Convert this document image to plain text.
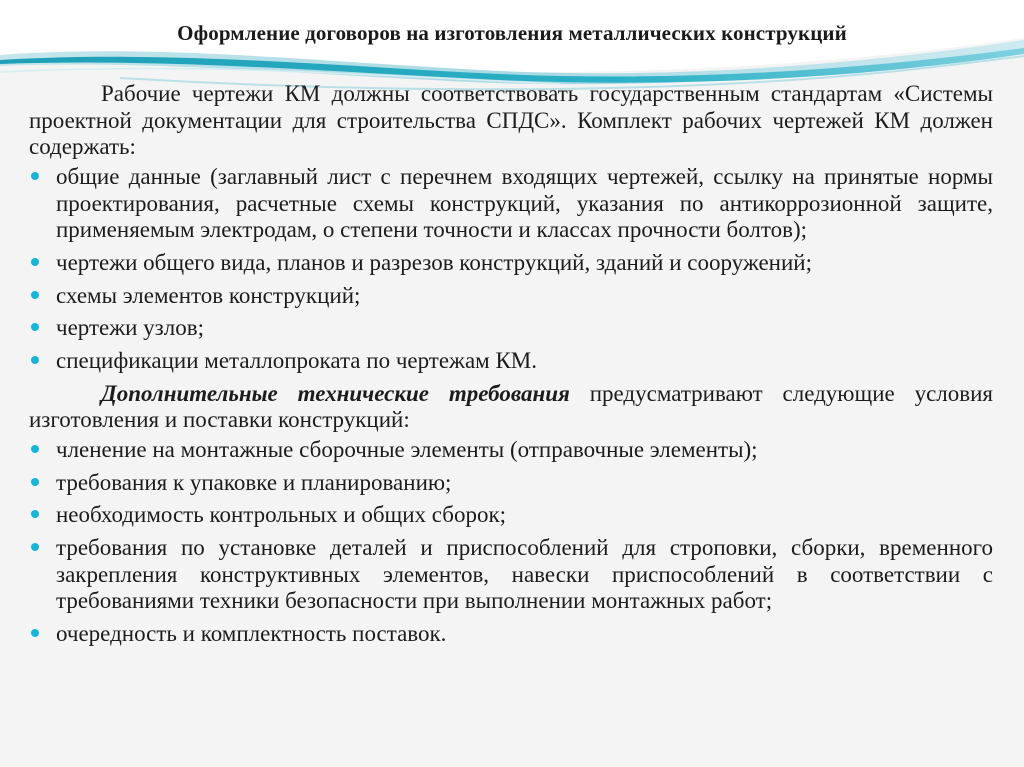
Оформление договоров на изготовления металлических конструкций

Рабочие чертежи КМ должны соответствовать государственным стандартам «Системы проектной документации для строительства СПДС». Комплект рабочих чертежей КМ должен содержать:

общие данные (заглавный лист с перечнем входящих чертежей, ссылку на принятые нормы проектирования, расчетные схемы конструкций, указания по антикоррозионной защите, применяемым электродам, о степени точности и классах прочности болтов);
чертежи общего вида, планов и разрезов конструкций, зданий и сооружений;
схемы элементов конструкций;
чертежи узлов;
спецификации металлопроката по чертежам КМ.

Дополнительные технические требования предусматривают следующие условия изготовления и поставки конструкций:

членение на монтажные сборочные элементы (отправочные элементы);
требования к упаковке и планированию;
необходимость контрольных и общих сборок;
требования по установке деталей и приспособлений для строповки, сборки, временного закрепления конструктивных элементов, навески приспособлений в соответствии с требованиями техники безопасности при выполнении монтажных работ;
очередность и комплектность поставок.
